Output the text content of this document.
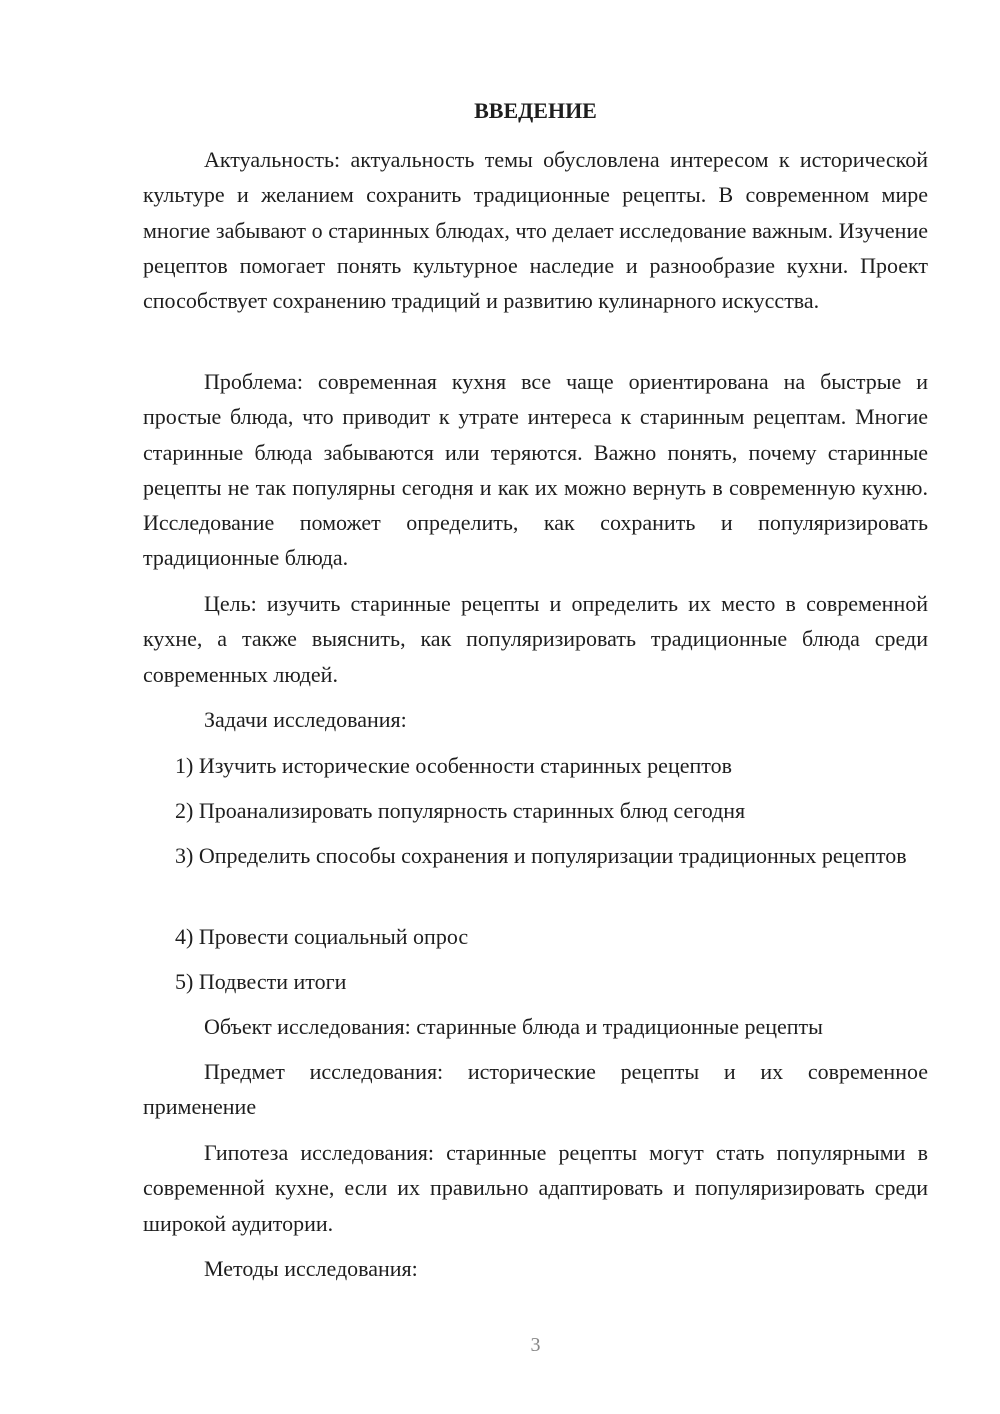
ВВЕДЕНИЕ
Актуальность: актуальность темы обусловлена интересом к исторической культуре и желанием сохранить традиционные рецепты. В современном мире многие забывают о старинных блюдах, что делает исследование важным. Изучение рецептов помогает понять культурное наследие и разнообразие кухни. Проект способствует сохранению традиций и развитию кулинарного искусства.
Проблема: современная кухня все чаще ориентирована на быстрые и простые блюда, что приводит к утрате интереса к старинным рецептам. Многие старинные блюда забываются или теряются. Важно понять, почему старинные рецепты не так популярны сегодня и как их можно вернуть в современную кухню. Исследование поможет определить, как сохранить и популяризировать традиционные блюда.
Цель: изучить старинные рецепты и определить их место в современной кухне, а также выяснить, как популяризировать традиционные блюда среди современных людей.
Задачи исследования:
1) Изучить исторические особенности старинных рецептов
2) Проанализировать популярность старинных блюд сегодня
3) Определить способы сохранения и популяризации традиционных рецептов
4) Провести социальный опрос
5) Подвести итоги
Объект исследования: старинные блюда и традиционные рецепты
Предмет исследования: исторические рецепты и их современное применение
Гипотеза исследования: старинные рецепты могут стать популярными в современной кухне, если их правильно адаптировать и популяризировать среди широкой аудитории.
Методы исследования:
3
